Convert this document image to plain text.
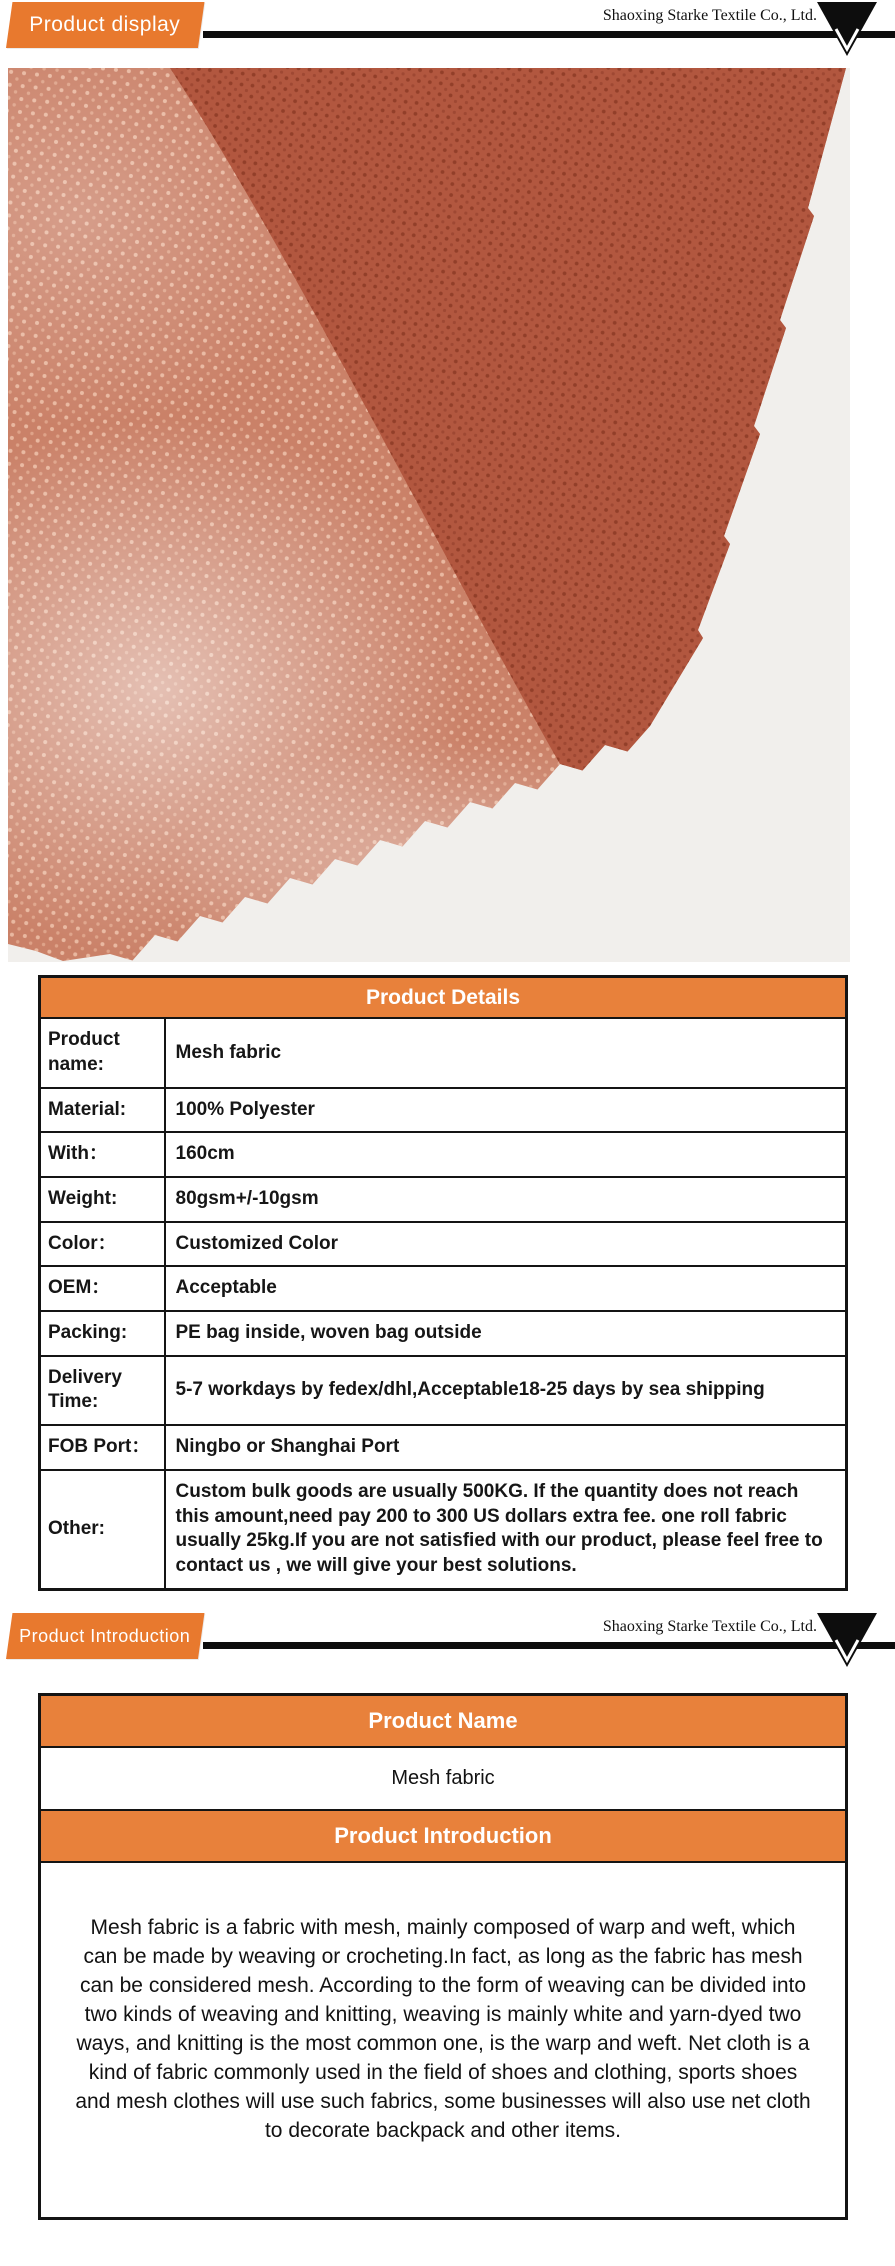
Product display	Shaoxing Starke Textile Co., Ltd.
Product Details	
Product name:	Mesh fabric
Material:	100% Polyester
With：	160cm
Weight:	80gsm+/-10gsm
Color：	Customized Color
OEM：	Acceptable
Packing:	PE bag inside, woven bag outside
Delivery Time:	5-7 workdays by fedex/dhl,Acceptable18-25 days by sea shipping
FOB Port：	Ningbo or Shanghai Port
Other:	Custom bulk goods are usually 500KG. If the quantity does not reach this amount,need pay 200 to 300 US dollars extra fee. one roll fabric usually 25kg.If you are not satisfied with our product, please feel free to contact us , we will give your best solutions.
Product Introduction	Shaoxing Starke Textile Co., Ltd.
Product Name
Mesh fabric
Product Introduction
Mesh fabric is a fabric with mesh, mainly composed of warp and weft, which can be made by weaving or crocheting.In fact, as long as the fabric has mesh can be considered mesh. According to the form of weaving can be divided into two kinds of weaving and knitting, weaving is mainly white and yarn-dyed two ways, and knitting is the most common one, is the warp and weft. Net cloth is a kind of fabric commonly used in the field of shoes and clothing, sports shoes and mesh clothes will use such fabrics, some businesses will also use net cloth to decorate backpack and other items.
